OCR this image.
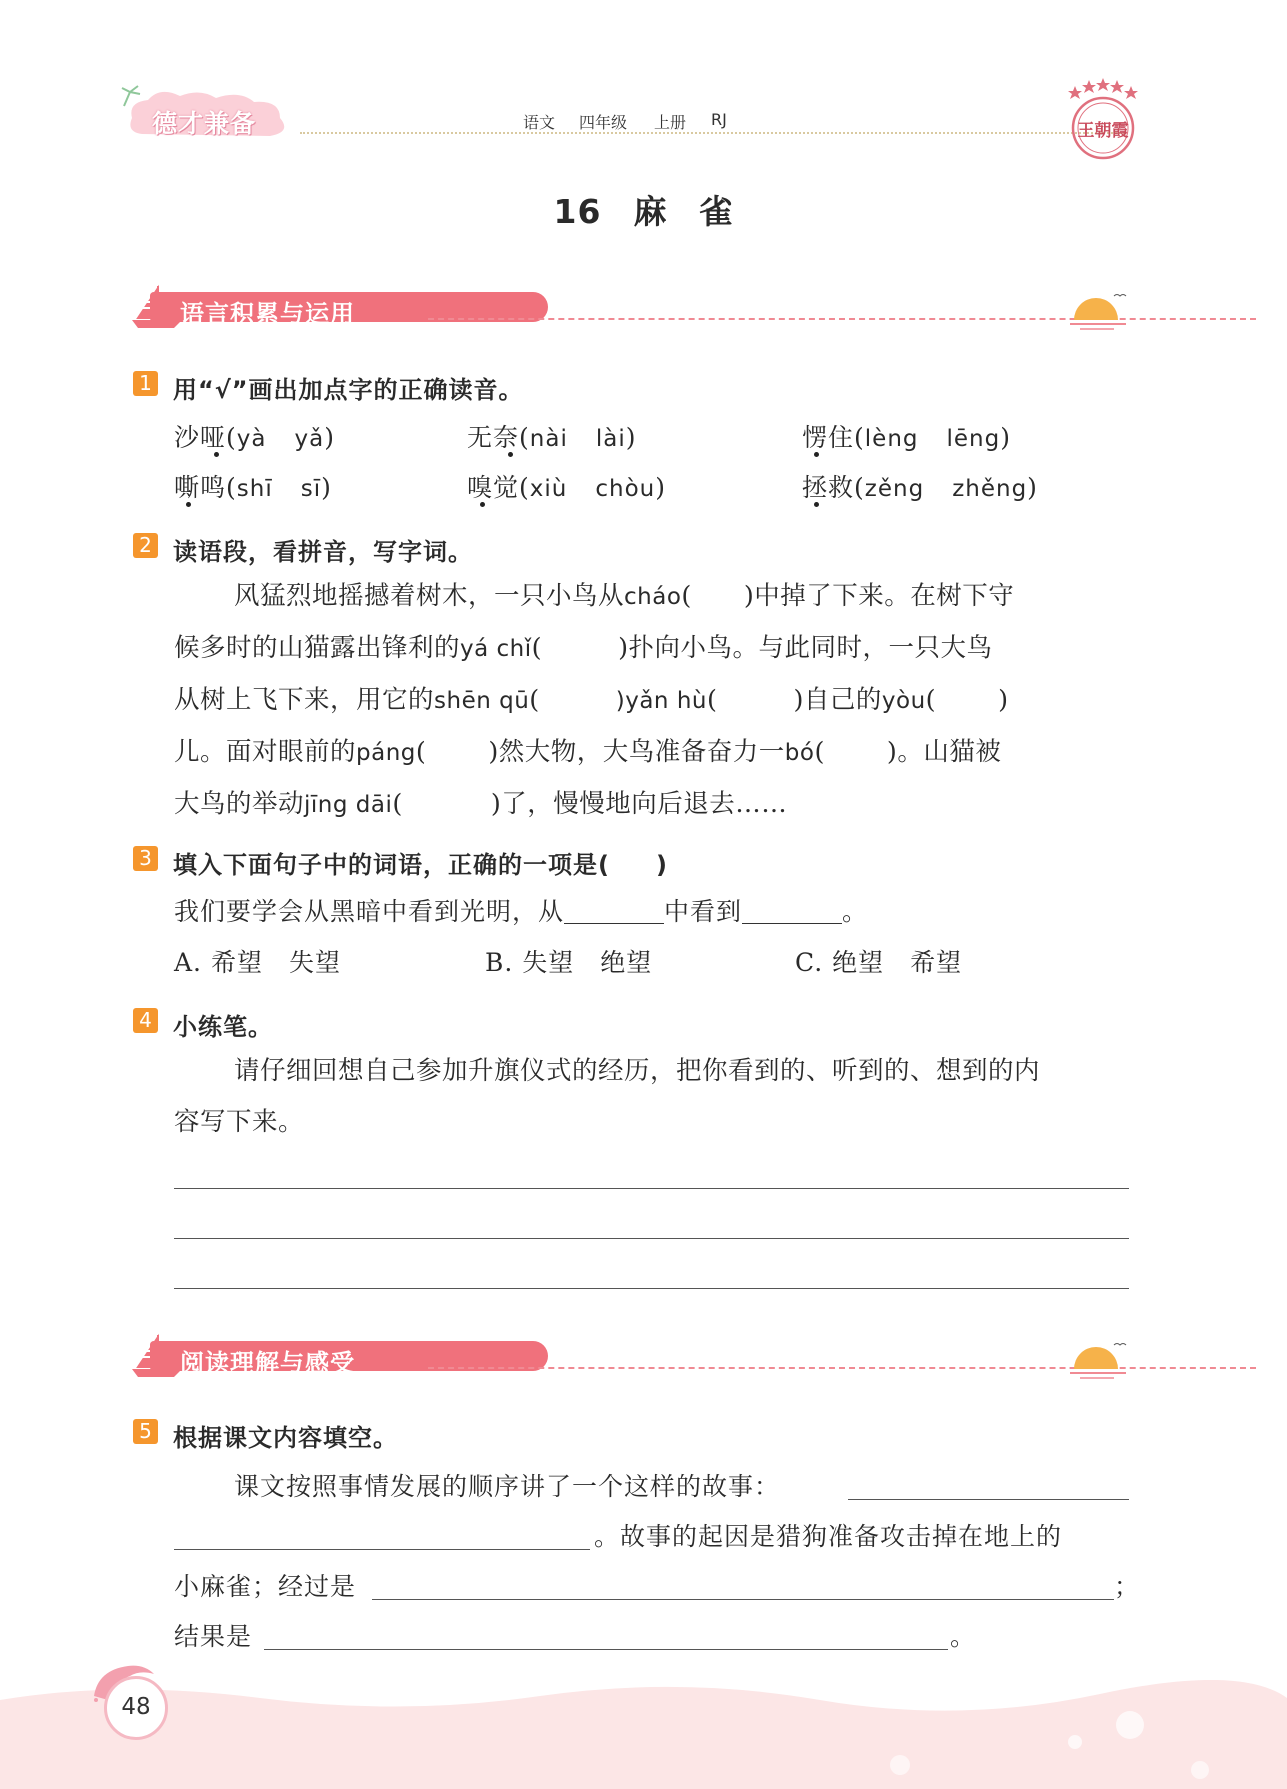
德才兼备	语文 四年级 上册 RJ
王朝霞
16 麻 雀
语言积累与运用
1 用“√”画出加点字的正确读音。
沙哑(yà yǎ)	无奈(nài lài)	愣住(lèng lēng)
嘶鸣(shī sī)	嗅觉(xiù chòu)	拯救(zěng zhěng)
2 读语段，看拼音，写字词。
风猛烈地摇撼着树木，一只小鸟从cháo( )中掉了下来。在树下守
候多时的山猫露出锋利的yá chǐ(	)扑向小鸟。与此同时，一只大鸟
从树上飞下来，用它的shēn qū(	)yǎn hù(	)自己的yòu( )
儿。面对眼前的páng( )然大物，大鸟准备奋力一bó( )。山猫被
大鸟的举动jīng dāi(	)了，慢慢地向后退去……
3 填入下面句子中的词语，正确的一项是( )
我们要学会从黑暗中看到光明，从	中看到	。
A. 希望　失望	B. 失望　绝望	C. 绝望　希望
4 小练笔。
请仔细回想自己参加升旗仪式的经历，把你看到的、听到的、想到的内
容写下来。
阅读理解与感受
5 根据课文内容填空。
课文按照事情发展的顺序讲了一个这样的故事：
。故事的起因是猎狗准备攻击掉在地上的
小麻雀；经过是	；
结果是	。
48
